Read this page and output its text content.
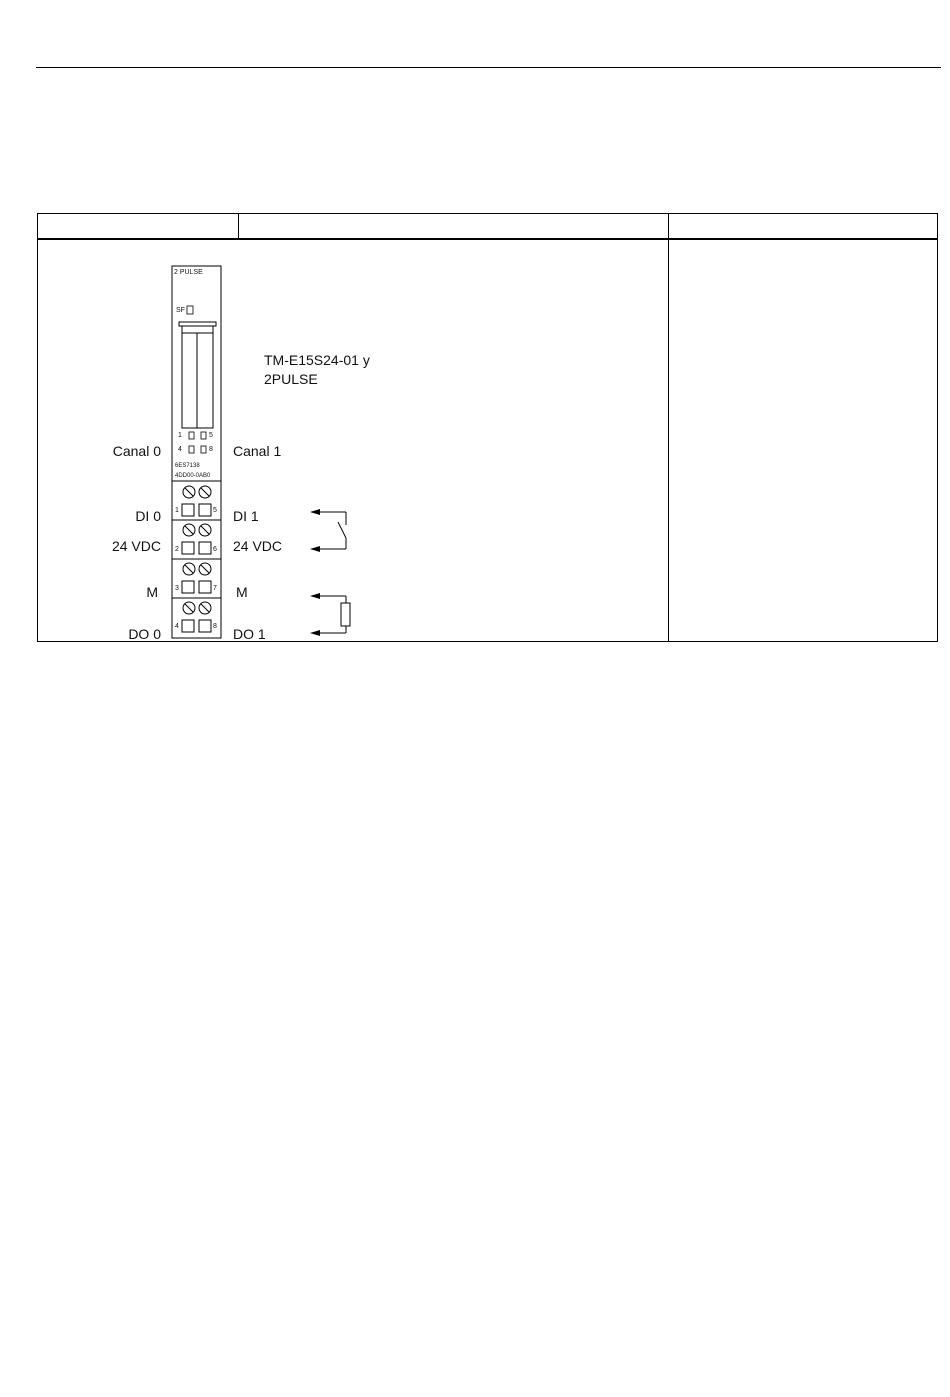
2 PULSE
SF
1	5
4	8
6ES7138
4DD00-0AB0
1	5
2	6
3	7
4	8
TM-E15S24-01 y
2PULSE
Canal 0
DI 0
24 VDC
M
DO 0
Canal 1
DI 1
24 VDC
M
DO 1
